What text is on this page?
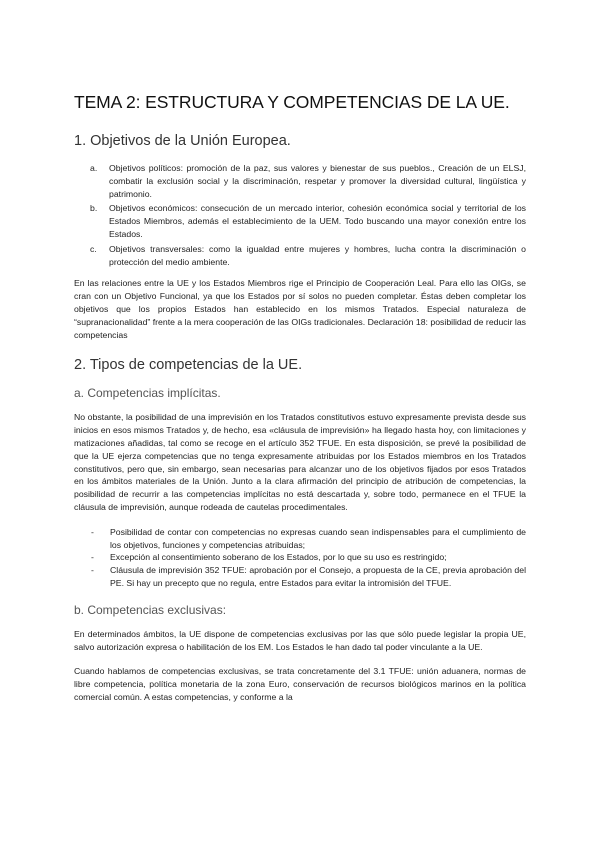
TEMA 2: ESTRUCTURA Y COMPETENCIAS DE LA UE.
1. Objetivos de la Unión Europea.
a. Objetivos políticos: promoción de la paz, sus valores y bienestar de sus pueblos., Creación de un ELSJ, combatir la exclusión social y la discriminación, respetar y promover la diversidad cultural, lingüística y patrimonio.
b. Objetivos económicos: consecución de un mercado interior, cohesión económica social y territorial de los Estados Miembros, además el establecimiento de la UEM. Todo buscando una mayor conexión entre los Estados.
c. Objetivos transversales: como la igualdad entre mujeres y hombres, lucha contra la discriminación o protección del medio ambiente.

En las relaciones entre la UE y los Estados Miembros rige el Principio de Cooperación Leal. Para ello las OIGs, se cran con un Objetivo Funcional, ya que los Estados por sí solos no pueden completar. Éstas deben completar los objetivos que los propios Estados han establecido en los mismos Tratados. Especial naturaleza de “supranacionalidad” frente a la mera cooperación de las OIGs tradicionales. Declaración 18: posibilidad de reducir las competencias

2. Tipos de competencias de la UE.
a. Competencias implícitas.

No obstante, la posibilidad de una imprevisión en los Tratados constitutivos estuvo expresamente prevista desde sus inicios en esos mismos Tratados y, de hecho, esa «cláusula de imprevisión» ha llegado hasta hoy, con limitaciones y matizaciones añadidas, tal como se recoge en el artículo 352 TFUE. En esta disposición, se prevé la posibilidad de que la UE ejerza competencias que no tenga expresamente atribuidas por los Estados miembros en los Tratados constitutivos, pero que, sin embargo, sean necesarias para alcanzar uno de los objetivos fijados por esos Tratados en los ámbitos materiales de la Unión. Junto a la clara afirmación del principio de atribución de competencias, la posibilidad de recurrir a las competencias implícitas no está descartada y, sobre todo, permanece en el TFUE la cláusula de imprevisión, aunque rodeada de cautelas procedimentales.

- Posibilidad de contar con competencias no expresas cuando sean indispensables para el cumplimiento de los objetivos, funciones y competencias atribuidas;
- Excepción al consentimiento soberano de los Estados, por lo que su uso es restringido;
- Cláusula de imprevisión 352 TFUE: aprobación por el Consejo, a propuesta de la CE, previa aprobación del PE. Si hay un precepto que no regula, entre Estados para evitar la intromisión del TFUE.
b. Competencias exclusivas:

En determinados ámbitos, la UE dispone de competencias exclusivas por las que sólo puede legislar la propia UE, salvo autorización expresa o habilitación de los EM. Los Estados le han dado tal poder vinculante a la UE.

Cuando hablamos de competencias exclusivas, se trata concretamente del 3.1 TFUE: unión aduanera, normas de libre competencia, política monetaria de la zona Euro, conservación de recursos biológicos marinos en la política comercial común. A estas competencias, y conforme a la
